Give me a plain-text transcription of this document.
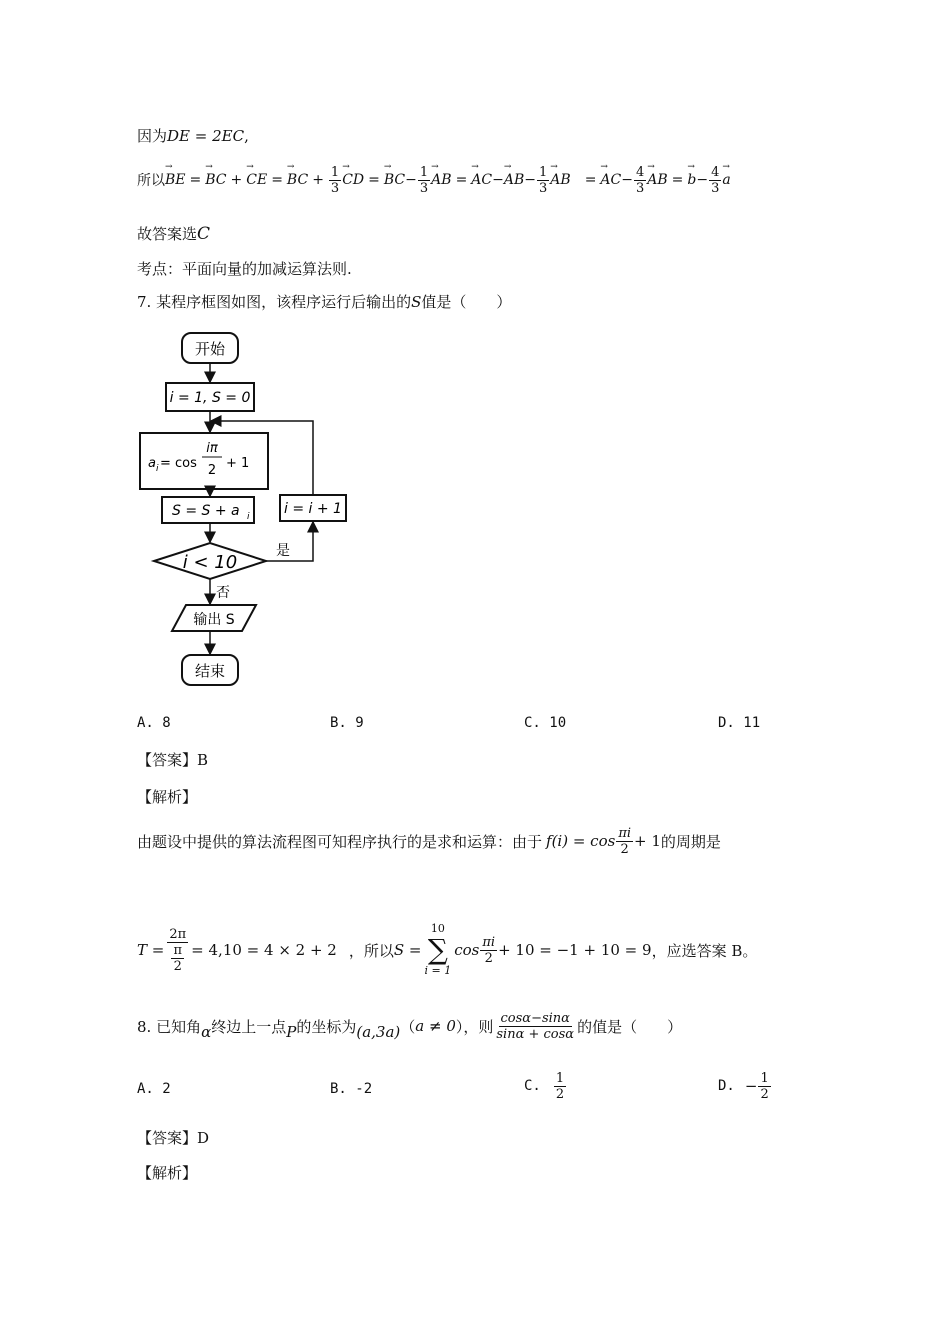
因为DE = 2EC,
所以
→ BE =
→ BC +
→ CE =
→ BC + $\frac{1}{3}$
→ CD =
→ BC − $\frac{1}{3}$
→ AB =
→ AC −
→ AB − $\frac{1}{3}$
→ AB =
→ AC − $\frac{4}{3}$
→ AB =
→ $b - \frac{4}{3}$
→ a
故答案选C
考点：平面向量的加减运算法则.
7. 某程序框图如图，该程序运行后输出的S值是（　　）
开始
i = 1, S = 0
a i = cos
iπ
2 + 1
S = S + a i i = i + 1
i < 10
是
否
输出 S
结束
A. 8	B. 9	C. 10	D. 11
【答案】B
【解析】
由题设中提供的算法流程图可知程序执行的是求和运算：由于 $f(i) = \cos \frac{\pi i}{2} + 1$ 的周期是
$T = \frac{2\pi}{\frac{\pi}{2}} = 4,10 = 4 \times 2 + 2$ ，所以 S =
10
∑
i = 1
$\cos \frac{\pi i}{2} + 10 = -1 + 10 = 9$ ，应选答案 B。
8. 已知角 α 终边上一点 P 的坐标为 (a,3a) （ a ≠ 0 ），则 $\frac{\cos\alpha-\sin\alpha}{\sin\alpha + \cos\alpha}$ 的值是（　　）
A. 2	B. -2	C. $\frac{1}{2}$	D. − $\frac{1}{2}$
【答案】D
【解析】
